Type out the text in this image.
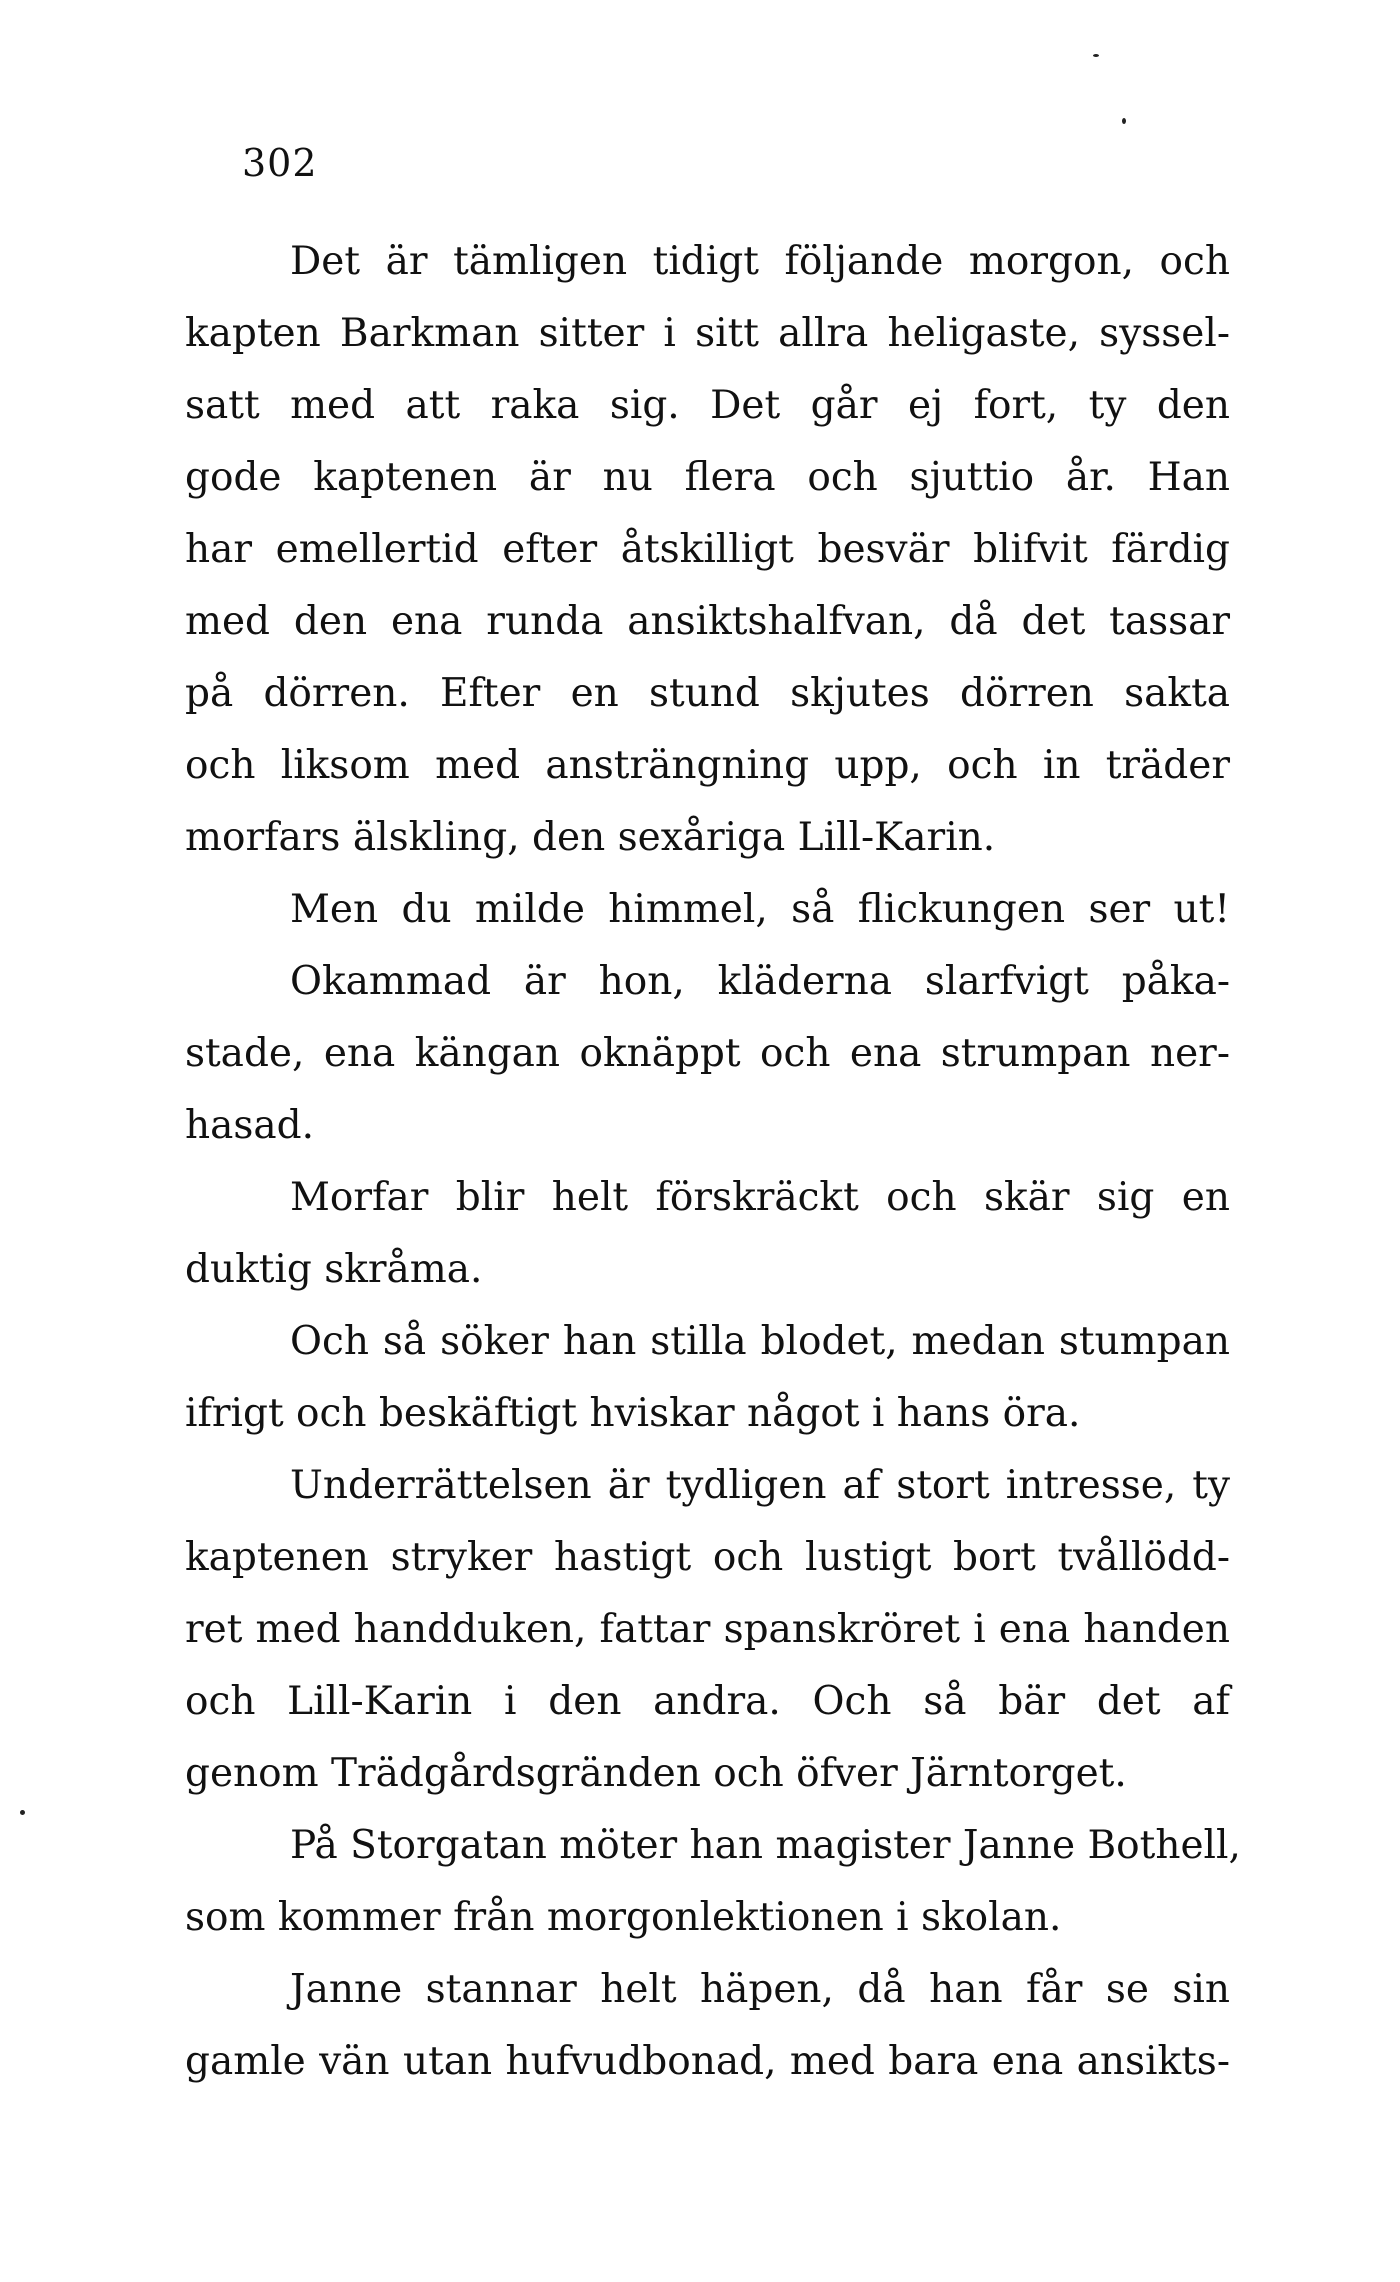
302
Det är tämligen tidigt följande morgon, och
kapten Barkman sitter i sitt allra heligaste, syssel-
satt med att raka sig. Det går ej fort, ty den
gode kaptenen är nu flera och sjuttio år. Han
har emellertid efter åtskilligt besvär blifvit färdig
med den ena runda ansiktshalfvan, då det tassar
på dörren. Efter en stund skjutes dörren sakta
och liksom med ansträngning upp, och in träder
morfars älskling, den sexåriga Lill-Karin.
Men du milde himmel, så flickungen ser ut!
Okammad är hon, kläderna slarfvigt påka-
stade, ena kängan oknäppt och ena strumpan ner-
hasad.
Morfar blir helt förskräckt och skär sig en
duktig skråma.
Och så söker han stilla blodet, medan stumpan
ifrigt och beskäftigt hviskar något i hans öra.
Underrättelsen är tydligen af stort intresse, ty
kaptenen stryker hastigt och lustigt bort tvållödd-
ret med handduken, fattar spanskröret i ena handen
och Lill-Karin i den andra. Och så bär det af
genom Trädgårdsgränden och öfver Järntorget.
På Storgatan möter han magister Janne Bothell,
som kommer från morgonlektionen i skolan.
Janne stannar helt häpen, då han får se sin
gamle vän utan hufvudbonad, med bara ena ansikts-
